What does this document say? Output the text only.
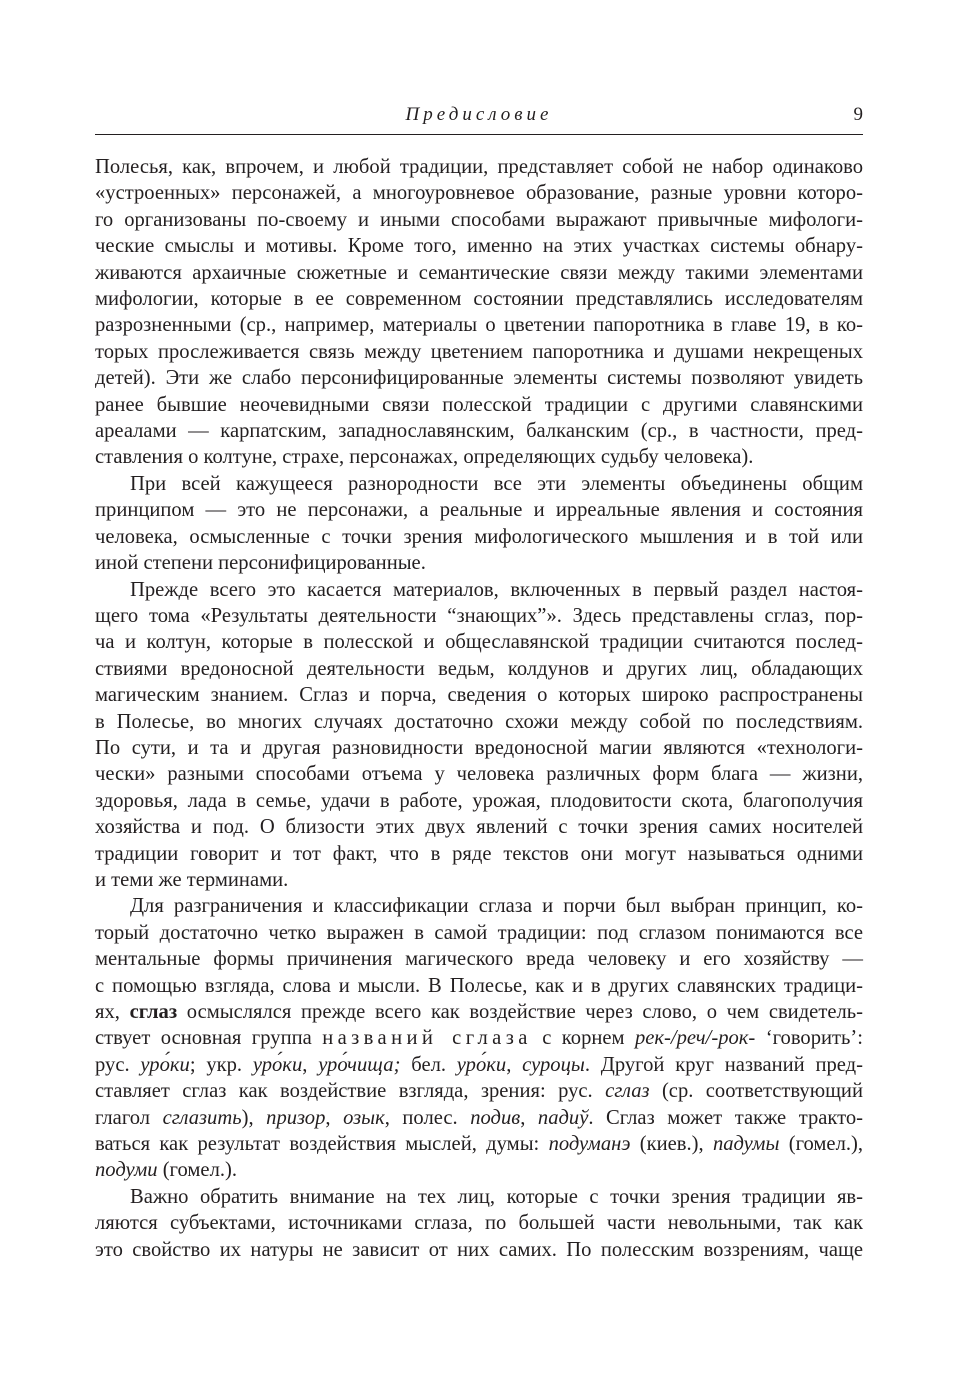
Предисловие	9

Полесья, как, впрочем, и любой традиции, представляет собой не набор одинаково
«устроенных» персонажей, а многоуровневое образование, разные уровни которо-
го организованы по-своему и иными способами выражают привычные мифологи-
ческие смыслы и мотивы. Кроме того, именно на этих участках системы обнару-
живаются архаичные сюжетные и семантические связи между такими элементами
мифологии, которые в ее современном состоянии представлялись исследователям
разрозненными (ср., например, материалы о цветении папоротника в главе 19, в ко-
торых прослеживается связь между цветением папоротника и душами некрещеных
детей). Эти же слабо персонифицированные элементы системы позволяют увидеть
ранее бывшие неочевидными связи полесской традиции с другими славянскими
ареалами — карпатским, западнославянским, балканским (ср., в частности, пред-
ставления о колтуне, страхе, персонажах, определяющих судьбу человека).

При всей кажущееся разнородности все эти элементы объединены общим
принципом — это не персонажи, а реальные и ирреальные явления и состояния
человека, осмысленные с точки зрения мифологического мышления и в той или
иной степени персонифицированные.

Прежде всего это касается материалов, включенных в первый раздел настоя-
щего тома «Результаты деятельности “знающих”». Здесь представлены сглаз, пор-
ча и колтун, которые в полесской и общеславянской традиции считаются послед-
ствиями вредоносной деятельности ведьм, колдунов и других лиц, обладающих
магическим знанием. Сглаз и порча, сведения о которых широко распространены
в Полесье, во многих случаях достаточно схожи между собой по последствиям.
По сути, и та и другая разновидности вредоносной магии являются «технологи-
чески» разными способами отъема у человека различных форм блага — жизни,
здоровья, лада в семье, удачи в работе, урожая, плодовитости скота, благополучия
хозяйства и под. О близости этих двух явлений с точки зрения самих носителей
традиции говорит и тот факт, что в ряде текстов они могут называться одними
и теми же терминами.

Для разграничения и классификации сглаза и порчи был выбран принцип, ко-
торый достаточно четко выражен в самой традиции: под сглазом понимаются все
ментальные формы причинения магического вреда человеку и его хозяйству —
с помощью взгляда, слова и мысли. В Полесье, как и в других славянских традици-
ях, сглаз осмыслялся прежде всего как воздействие через слово, о чем свидетель-
ствует основная группа названий сглаза с корнем рек-/реч/-рок- ‘говорить’:
рус. уро́ки; укр. уро́ки, уро́чища; бел. уро́ки, суроцы. Другой круг названий пред-
ставляет сглаз как воздействие взгляда, зрения: рус. сглаз (ср. соответствующий
глагол сглазить), призор, озык, полес. подив, падиў. Сглаз может также тракто-
ваться как результат воздействия мыслей, думы: подуманэ (киев.), падумы (гомел.),
подуми (гомел.).

Важно обратить внимание на тех лиц, которые с точки зрения традиции яв-
ляются субъектами, источниками сглаза, по большей части невольными, так как
это свойство их натуры не зависит от них самих. По полесским воззрениям, чаще
